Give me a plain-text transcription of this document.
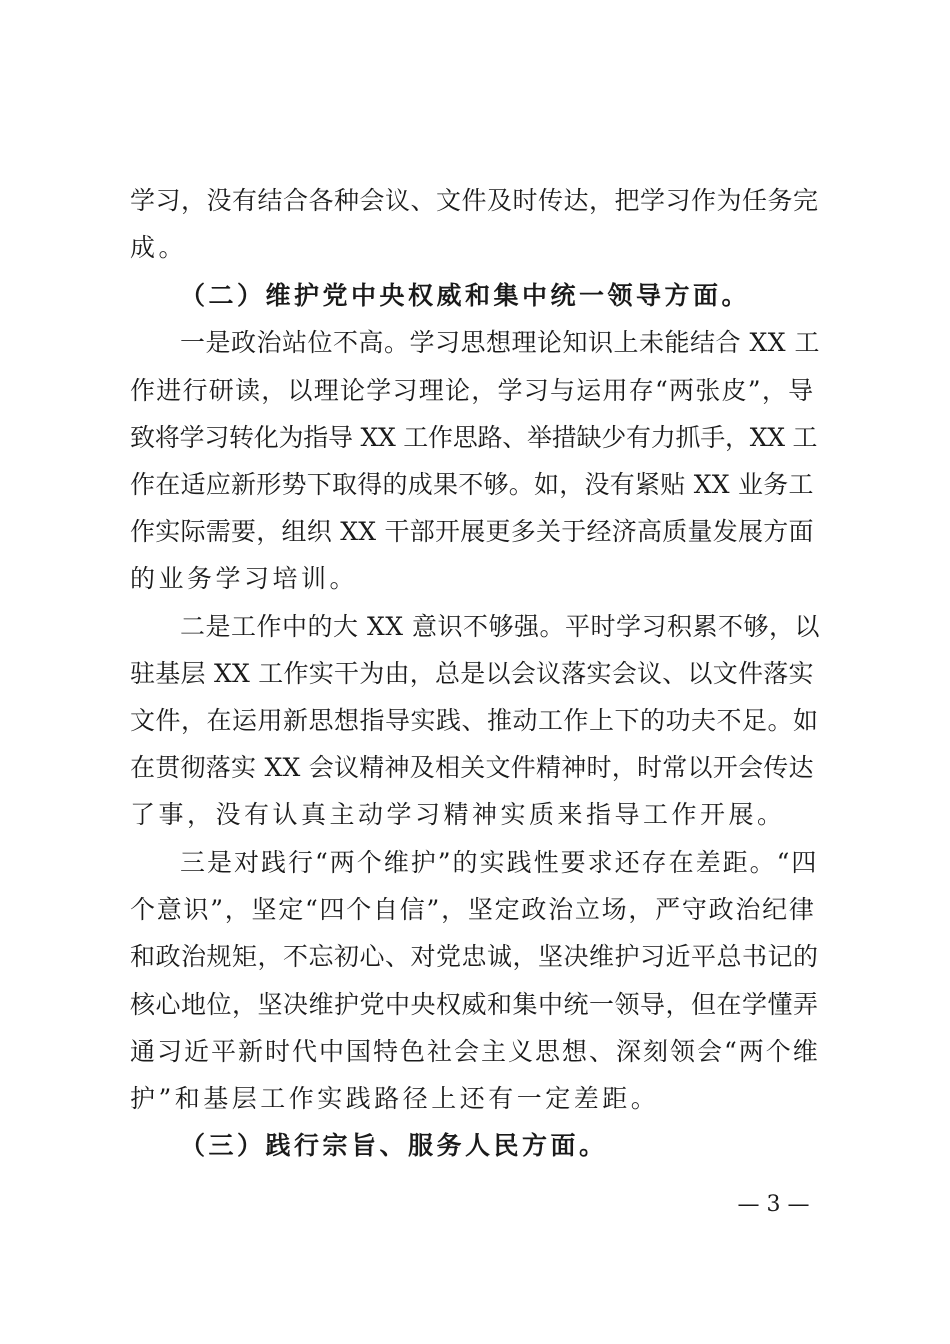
学习，没有结合各种会议、文件及时传达，把学习作为任务完
成。
（二）维护党中央权威和集中统一领导方面。
一是政治站位不高。学习思想理论知识上未能结合 XX 工
作进行研读，以理论学习理论，学习与运用存“两张皮”，导
致将学习转化为指导 XX 工作思路、举措缺少有力抓手，XX 工
作在适应新形势下取得的成果不够。如，没有紧贴 XX 业务工
作实际需要，组织 XX 干部开展更多关于经济高质量发展方面
的业务学习培训。
二是工作中的大 XX 意识不够强。平时学习积累不够，以
驻基层 XX 工作实干为由，总是以会议落实会议、以文件落实
文件，在运用新思想指导实践、推动工作上下的功夫不足。如
在贯彻落实 XX 会议精神及相关文件精神时，时常以开会传达
了事，没有认真主动学习精神实质来指导工作开展。
三是对践行“两个维护”的实践性要求还存在差距。“四
个意识”，坚定“四个自信”，坚定政治立场，严守政治纪律
和政治规矩，不忘初心、对党忠诚，坚决维护习近平总书记的
核心地位，坚决维护党中央权威和集中统一领导，但在学懂弄
通习近平新时代中国特色社会主义思想、深刻领会“两个维
护”和基层工作实践路径上还有一定差距。
（三）践行宗旨、服务人民方面。
— 3 —
